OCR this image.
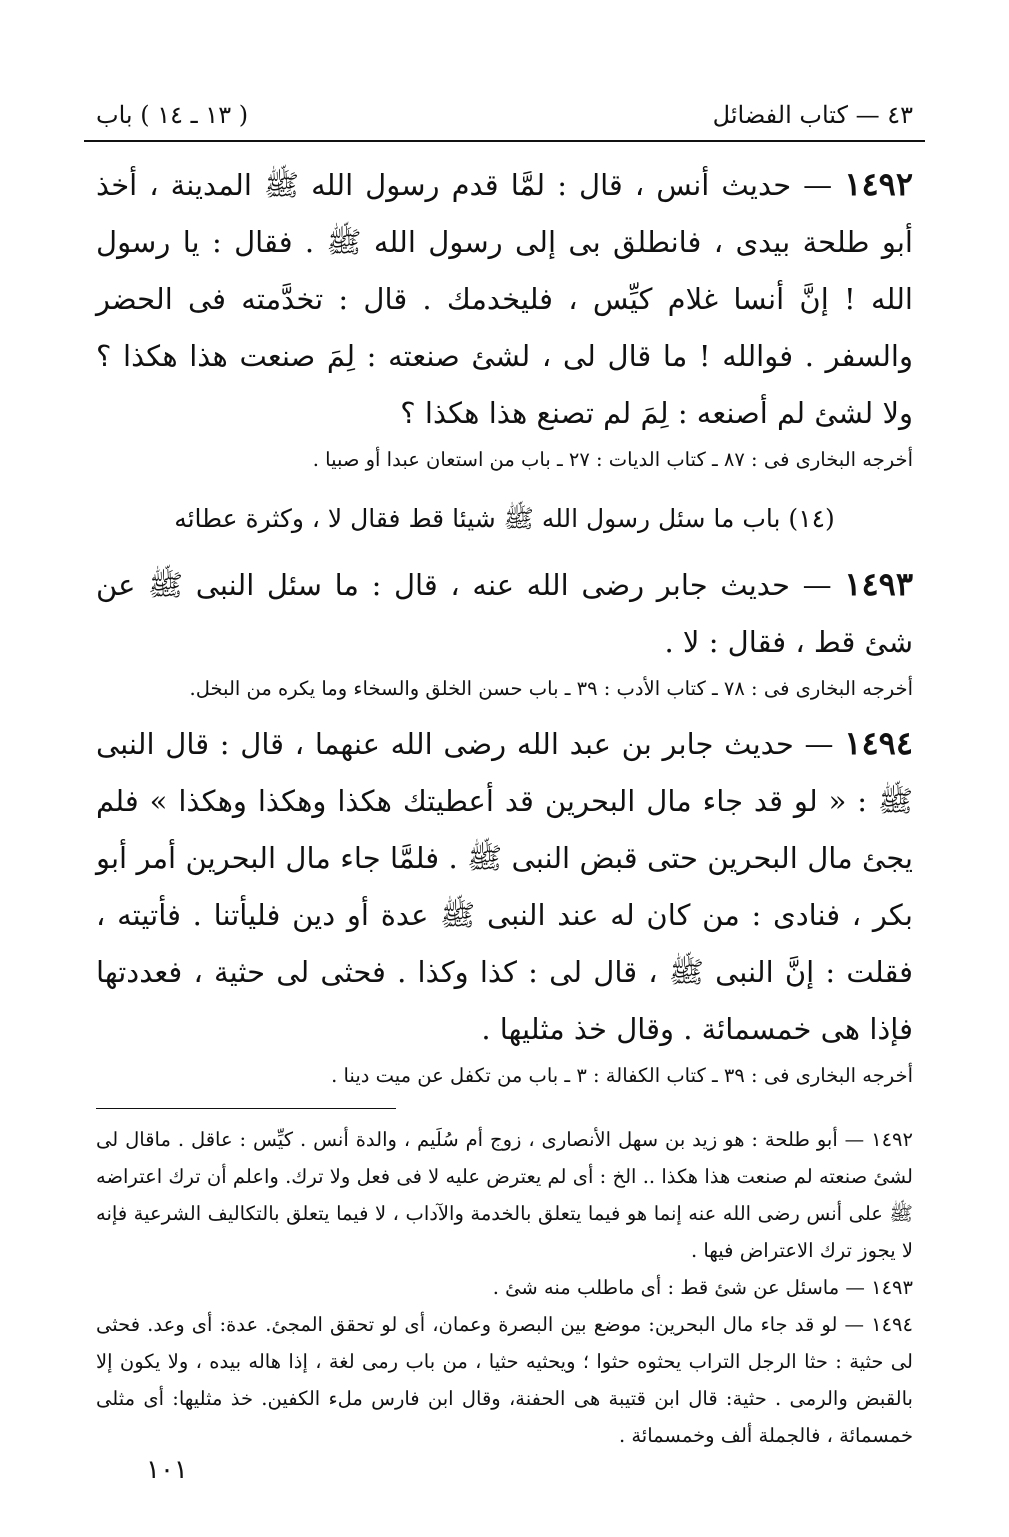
٤٣ — كتاب الفضائل
( ١٣ ـ ١٤ ) باب

١٤٩٢ — حديث أنس ، قال : لمَّا قدم رسول الله ﷺ المدينة ، أخذ أبو طلحة بيدى ، فانطلق بى إلى رسول الله ﷺ . فقال : يا رسول الله ! إنَّ أنسا غلام كيِّس ، فليخدمك . قال : تخدَّمته فى الحضر والسفر . فوالله ! ما قال لى ، لشئ صنعته : لِمَ صنعت هذا هكذا ؟ ولا لشئ لم أصنعه : لِمَ لم تصنع هذا هكذا ؟

أخرجه البخارى فى : ٨٧ ـ كتاب الديات : ٢٧ ـ باب من استعان عبدا أو صبيا .

(١٤) باب ما سئل رسول الله ﷺ شيئا قط فقال لا ، وكثرة عطائه

١٤٩٣ — حديث جابر رضى الله عنه ، قال : ما سئل النبى ﷺ عن شئ قط ، فقال : لا .

أخرجه البخارى فى : ٧٨ ـ كتاب الأدب : ٣٩ ـ باب حسن الخلق والسخاء وما يكره من البخل.

١٤٩٤ — حديث جابر بن عبد الله رضى الله عنهما ، قال : قال النبى ﷺ : « لو قد جاء مال البحرين قد أعطيتك هكذا وهكذا وهكذا » فلم يجئ مال البحرين حتى قبض النبى ﷺ . فلمَّا جاء مال البحرين أمر أبو بكر ، فنادى : من كان له عند النبى ﷺ عدة أو دين فليأتنا . فأتيته ، فقلت : إنَّ النبى ﷺ ، قال لى : كذا وكذا . فحثى لى حثية ، فعددتها فإذا هى خمسمائة . وقال خذ مثليها .

أخرجه البخارى فى : ٣٩ ـ كتاب الكفالة : ٣ ـ باب من تكفل عن ميت دينا .

١٤٩٢ — أبو طلحة : هو زيد بن سهل الأنصارى ، زوج أم سُلَيم ، والدة أنس . كيِّس : عاقل . ماقال لى لشئ صنعته لم صنعت هذا هكذا .. الخ : أى لم يعترض عليه لا فى فعل ولا ترك. واعلم أن ترك اعتراضه ﷺ على أنس رضى الله عنه إنما هو فيما يتعلق بالخدمة والآداب ، لا فيما يتعلق بالتكاليف الشرعية فإنه لا يجوز ترك الاعتراض فيها .

١٤٩٣ — ماسئل عن شئ قط : أى ماطلب منه شئ .

١٤٩٤ — لو قد جاء مال البحرين: موضع بين البصرة وعمان، أى لو تحقق المجئ. عدة: أى وعد. فحثى لى حثية : حثا الرجل التراب يحثوه حثوا ؛ ويحثيه حثيا ، من باب رمى لغة ، إذا هاله بيده ، ولا يكون إلا بالقبض والرمى . حثية: قال ابن قتيبة هى الحفنة، وقال ابن فارس ملء الكفين. خذ مثليها: أى مثلى خمسمائة ، فالجملة ألف وخمسمائة .

١٠١
